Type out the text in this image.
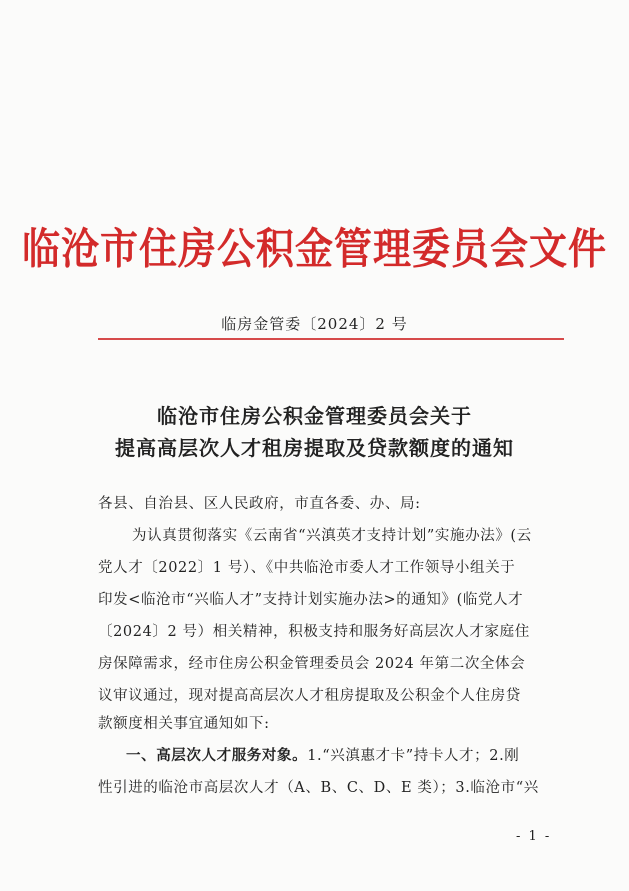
临沧市住房公积金管理委员会文件
临房金管委〔2024〕2 号
临沧市住房公积金管理委员会关于
提高高层次人才租房提取及贷款额度的通知
各县、自治县、区人民政府，市直各委、办、局:
为认真贯彻落实《云南省“兴滇英才支持计划”实施办法》(云
党人才〔2022〕1 号）、《中共临沧市委人才工作领导小组关于
印发<临沧市“兴临人才”支持计划实施办法>的通知》(临党人才
〔2024〕2 号）相关精神，积极支持和服务好高层次人才家庭住
房保障需求，经市住房公积金管理委员会 2024 年第二次全体会
议审议通过，现对提高高层次人才租房提取及公积金个人住房贷
款额度相关事宜通知如下:
一、高层次人才服务对象。1.“兴滇惠才卡”持卡人才；2.刚
性引进的临沧市高层次人才（A、B、C、D、E 类）；3.临沧市“兴
- 1 -
